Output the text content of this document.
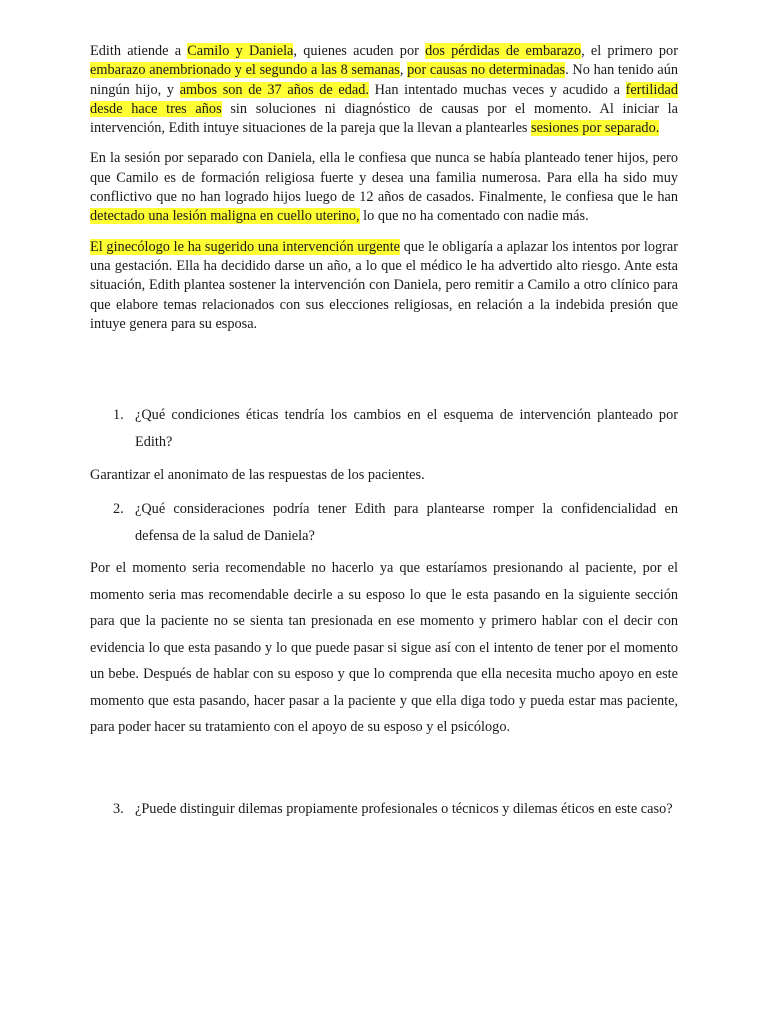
Edith atiende a Camilo y Daniela, quienes acuden por dos pérdidas de embarazo, el primero por embarazo anembrionado y el segundo a las 8 semanas, por causas no determinadas. No han tenido aún ningún hijo, y ambos son de 37 años de edad. Han intentado muchas veces y acudido a fertilidad desde hace tres años sin soluciones ni diagnóstico de causas por el momento. Al iniciar la intervención, Edith intuye situaciones de la pareja que la llevan a plantearles sesiones por separado.

En la sesión por separado con Daniela, ella le confiesa que nunca se había planteado tener hijos, pero que Camilo es de formación religiosa fuerte y desea una familia numerosa. Para ella ha sido muy conflictivo que no han logrado hijos luego de 12 años de casados. Finalmente, le confiesa que le han detectado una lesión maligna en cuello uterino, lo que no ha comentado con nadie más.

El ginecólogo le ha sugerido una intervención urgente que le obligaría a aplazar los intentos por lograr una gestación. Ella ha decidido darse un año, a lo que el médico le ha advertido alto riesgo. Ante esta situación, Edith plantea sostener la intervención con Daniela, pero remitir a Camilo a otro clínico para que elabore temas relacionados con sus elecciones religiosas, en relación a la indebida presión que intuye genera para su esposa.

1. ¿Qué condiciones éticas tendría los cambios en el esquema de intervención planteado por Edith?

Garantizar el anonimato de las respuestas de los pacientes.

2. ¿Qué consideraciones podría tener Edith para plantearse romper la confidencialidad en defensa de la salud de Daniela?

Por el momento seria recomendable no hacerlo ya que estaríamos presionando al paciente, por el momento seria mas recomendable decirle a su esposo lo que le esta pasando en la siguiente sección para que la paciente no se sienta tan presionada en ese momento y primero hablar con el decir con evidencia lo que esta pasando y lo que puede pasar si sigue así con el intento de tener por el momento un bebe. Después de hablar con su esposo y que lo comprenda que ella necesita mucho apoyo en este momento que esta pasando, hacer pasar a la paciente y que ella diga todo y pueda estar mas paciente, para poder hacer su tratamiento con el apoyo de su esposo y el psicólogo.

3. ¿Puede distinguir dilemas propiamente profesionales o técnicos y dilemas éticos en este caso?
